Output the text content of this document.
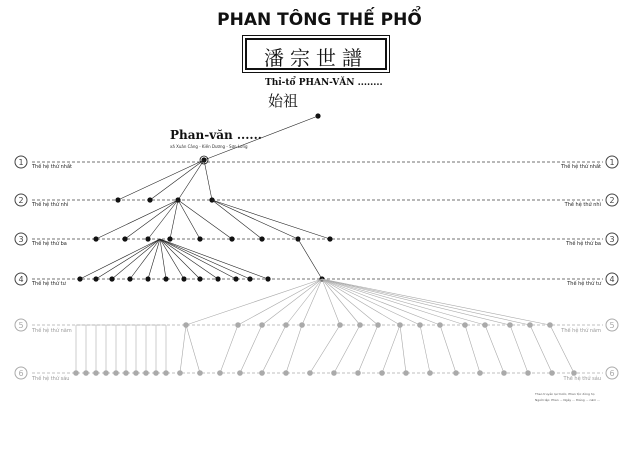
PHAN TÔNG THẾ PHỔ
潘宗世譜
Thỉ-tổ PHAN-VĂN ........
始祖
Phan-văn ......
xã Xuân Cảng - Kiến Dương - Sơn Long
1	1
2	2
3	3
4	4
5	5
6	6
Thế hệ thứ nhất
Thế hệ thứ nhì
Thế hệ thứ ba
Thế hệ thứ tư
Thế hệ thứ năm
Thế hệ thứ sáu
Thế hệ thứ nhất
Thế hệ thứ nhì
Thế hệ thứ ba
Thế hệ thứ tư
Thế hệ thứ năm
Thế hệ thứ sáu

Theo truyền lại trước, Phan tộc dòng họ

Người lập: Phan ... Ngày ... tháng ... năm ...
